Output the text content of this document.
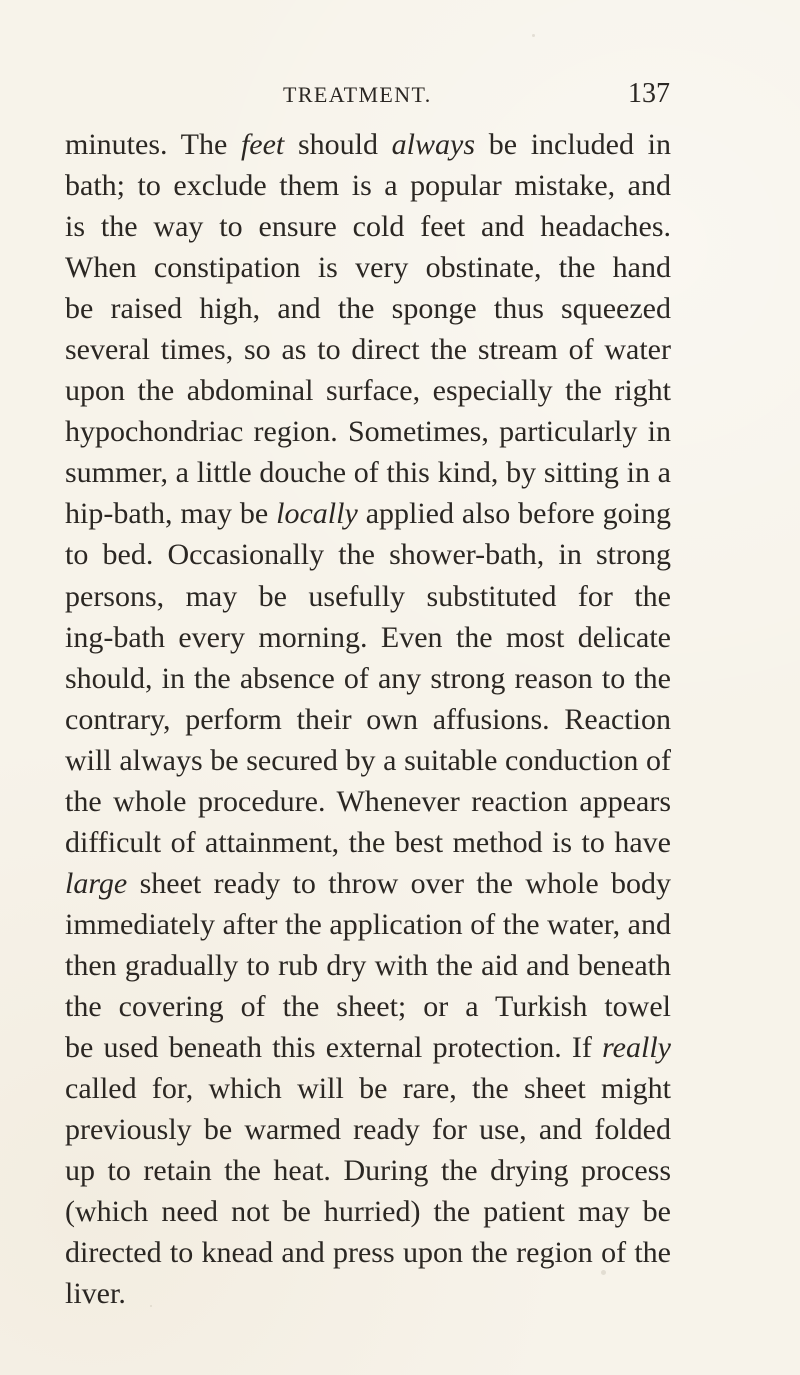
TREATMENT.	137
minutes. The feet should always be included in
bath; to exclude them is a popular mistake, and
is the way to ensure cold feet and headaches.
When constipation is very obstinate, the hand
be raised high, and the sponge thus squeezed
several times, so as to direct the stream of water
upon the abdominal surface, especially the right
hypochondriac region. Sometimes, particularly in
summer, a little douche of this kind, by sitting in a
hip-bath, may be locally applied also before going
to bed. Occasionally the shower-bath, in strong
persons, may be usefully substituted for the
ing-bath every morning. Even the most delicate
should, in the absence of any strong reason to the
contrary, perform their own affusions. Reaction
will always be secured by a suitable conduction of
the whole procedure. Whenever reaction appears
difficult of attainment, the best method is to have
large sheet ready to throw over the whole body
immediately after the application of the water, and
then gradually to rub dry with the aid and beneath
the covering of the sheet; or a Turkish towel
be used beneath this external protection. If really
called for, which will be rare, the sheet might
previously be warmed ready for use, and folded
up to retain the heat. During the drying process
(which need not be hurried) the patient may be
directed to knead and press upon the region of the
liver.
